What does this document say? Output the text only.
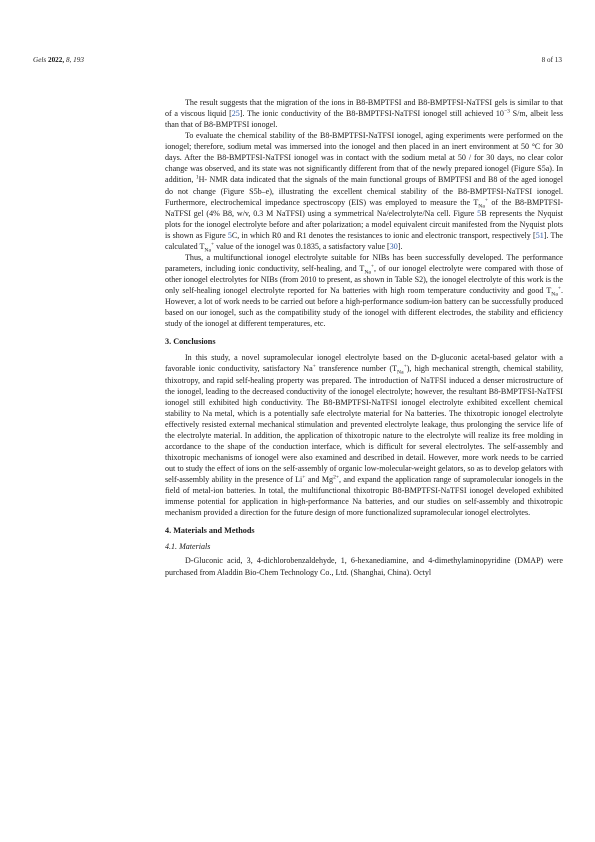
Gels 2022, 8, 193	8 of 13

The result suggests that the migration of the ions in B8-BMPTFSI and B8-BMPTFSI-NaTFSI gels is similar to that of a viscous liquid [25]. The ionic conductivity of the B8-BMPTFSI-NaTFSI ionogel still achieved $10^{-3}$ S/m, albeit less than that of B8-BMPTFSI ionogel.

To evaluate the chemical stability of the B8-BMPTFSI-NaTFSI ionogel, aging experiments were performed on the ionogel; therefore, sodium metal was immersed into the ionogel and then placed in an inert environment at 50 °C for 30 days. After the B8-BMPTFSI-NaTFSI ionogel was in contact with the sodium metal at 50 / for 30 days, no clear color change was observed, and its state was not significantly different from that of the newly prepared ionogel (Figure S5a). In addition, $^1$H- NMR data indicated that the signals of the main functional groups of BMPTFSI and B8 of the aged ionogel do not change (Figure S5b–e), illustrating the excellent chemical stability of the B8-BMPTFSI-NaTFSI ionogel. Furthermore, electrochemical impedance spectroscopy (EIS) was employed to measure the $T_{Na}^+$ of the B8-BMPTFSI-NaTFSI gel (4% B8, w/v, 0.3 M NaTFSI) using a symmetrical Na/electrolyte/Na cell. Figure 5B represents the Nyquist plots for the ionogel electrolyte before and after polarization; a model equivalent circuit manifested from the Nyquist plots is shown as Figure 5C, in which R0 and R1 denotes the resistances to ionic and electronic transport, respectively [51]. The calculated $T_{Na}^+$ value of the ionogel was 0.1835, a satisfactory value [30].

Thus, a multifunctional ionogel electrolyte suitable for NIBs has been successfully developed. The performance parameters, including ionic conductivity, self-healing, and $T_{Na}^+$, of our ionogel electrolyte were compared with those of other ionogel electrolytes for NIBs (from 2010 to present, as shown in Table S2), the ionogel electrolyte of this work is the only self-healing ionogel electrolyte reported for Na batteries with high room temperature conductivity and good $T_{Na}^+$. However, a lot of work needs to be carried out before a high-performance sodium-ion battery can be successfully produced based on our ionogel, such as the compatibility study of the ionogel with different electrodes, the stability and efficiency study of the ionogel at different temperatures, etc.

3. Conclusions

In this study, a novel supramolecular ionogel electrolyte based on the D-gluconic acetal-based gelator with a favorable ionic conductivity, satisfactory Na+ transference number $(T_{Na}^+)$, high mechanical strength, chemical stability, thixotropy, and rapid self-healing property was prepared. The introduction of NaTFSI induced a denser microstructure of the ionogel, leading to the decreased conductivity of the ionogel electrolyte; however, the resultant B8-BMPTFSI-NaTFSI ionogel still exhibited high conductivity. The B8-BMPTFSI-NaTFSI ionogel electrolyte exhibited excellent chemical stability to Na metal, which is a potentially safe electrolyte material for Na batteries. The thixotropic ionogel electrolyte effectively resisted external mechanical stimulation and prevented electrolyte leakage, thus prolonging the service life of the electrolyte material. In addition, the application of thixotropic nature to the electrolyte will realize its free molding in accordance to the shape of the conduction interface, which is difficult for several electrolytes. The self-assembly and thixotropic mechanisms of ionogel were also examined and described in detail. However, more work needs to be carried out to study the effect of ions on the self-assembly of organic low-molecular-weight gelators, so as to develop gelators with self-assembly ability in the presence of Li+ and $Mg^{2+}$, and expand the application range of supramolecular ionogels in the field of metal-ion batteries. In total, the multifunctional thixotropic B8-BMPTFSI-NaTFSI ionogel developed exhibited immense potential for application in high-performance Na batteries, and our studies on self-assembly and thixotropic mechanism provided a direction for the future design of more functionalized supramolecular ionogel electrolytes.

4. Materials and Methods
4.1. Materials

D-Gluconic acid, 3, 4-dichlorobenzaldehyde, 1, 6-hexanediamine, and 4-dimethylaminopyridine (DMAP) were purchased from Aladdin Bio-Chem Technology Co., Ltd. (Shanghai, China). Octyl
